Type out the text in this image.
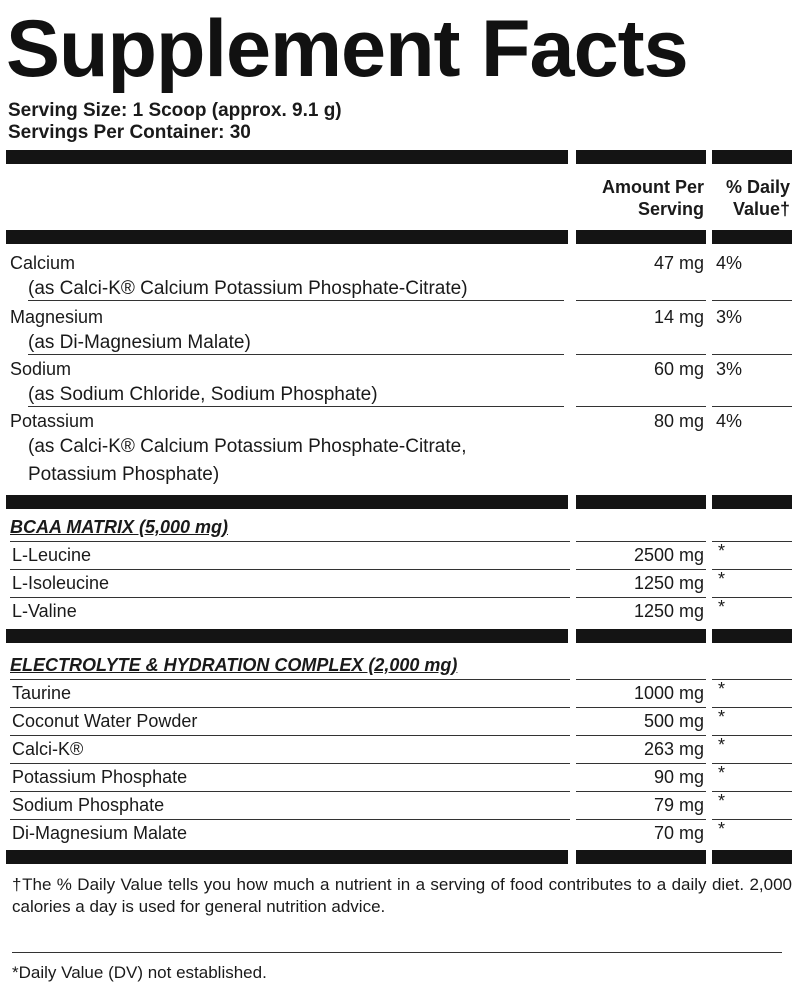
Supplement Facts
Serving Size: 1 Scoop (approx. 9.1 g)
Servings Per Container: 30
Amount Per
Serving
% Daily
Value†
Calcium
(as Calci-K® Calcium Potassium Phosphate-Citrate)
47 mg 4%
Magnesium
(as Di-Magnesium Malate)
14 mg 3%
Sodium
(as Sodium Chloride, Sodium Phosphate)
60 mg 3%
Potassium
(as Calci-K® Calcium Potassium Phosphate-Citrate,
Potassium Phosphate)
80 mg 4%
BCAA MATRIX (5,000 mg)
L-Leucine	2500 mg *
L-Isoleucine	1250 mg *
L-Valine	1250 mg *
ELECTROLYTE & HYDRATION COMPLEX (2,000 mg)
Taurine	1000 mg *
Coconut Water Powder	500 mg *
Calci-K®	263 mg *
Potassium Phosphate	90 mg *
Sodium Phosphate	79 mg *
Di-Magnesium Malate	70 mg *
†The % Daily Value tells you how much a nutrient in a serving of food contributes to a daily diet. 2,000 calories a day is used for general nutrition advice.
*Daily Value (DV) not established.
